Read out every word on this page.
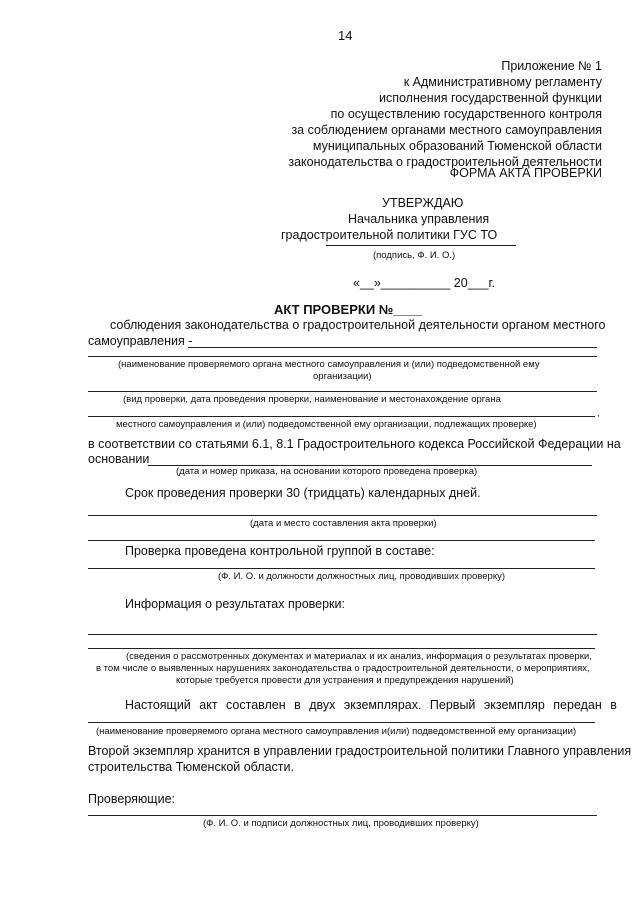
14
Приложение № 1
к Административному регламенту
исполнения государственной функции
по осуществлению государственного контроля
за соблюдением органами местного самоуправления
муниципальных образований Тюменской области
законодательства о градостроительной деятельности
ФОРМА АКТА ПРОВЕРКИ
УТВЕРЖДАЮ
Начальника управления
градостроительной политики ГУС ТО
(подпись, Ф. И. О.)
«__»__________ 20___г.
АКТ ПРОВЕРКИ №____
соблюдения законодательства о градостроительной деятельности органом местного
самоуправления -
(наименование проверяемого органа местного самоуправления и (или) подведомственной ему
организации)
(вид проверки, дата проведения проверки, наименование и местонахождение органа
,
местного самоуправления и (или) подведомственной ему организации, подлежащих проверке)
в соответствии со статьями 6.1, 8.1 Градостроительного кодекса Российской Федерации на
основании
(дата и номер приказа, на основании которого проведена проверка)
Срок проведения проверки 30 (тридцать) календарных дней.
(дата и место составления акта проверки)
Проверка проведена контрольной группой в составе:
(Ф. И. О. и должности должностных лиц, проводивших проверку)
Информация о результатах проверки:
(сведения о рассмотренных документах и материалах и их анализ, информация о результатах проверки,
в том числе о выявленных нарушениях законодательства о градостроительной деятельности, о мероприятиях,
которые требуется провести для устранения и предупреждения нарушений)
Настоящий акт составлен в двух экземплярах. Первый экземпляр передан в
(наименование проверяемого органа местного самоуправления и(или) подведомственной ему организации)
Второй экземпляр хранится в управлении градостроительной политики Главного управления
строительства Тюменской области.
Проверяющие:
(Ф. И. О. и подписи должностных лиц, проводивших проверку)
